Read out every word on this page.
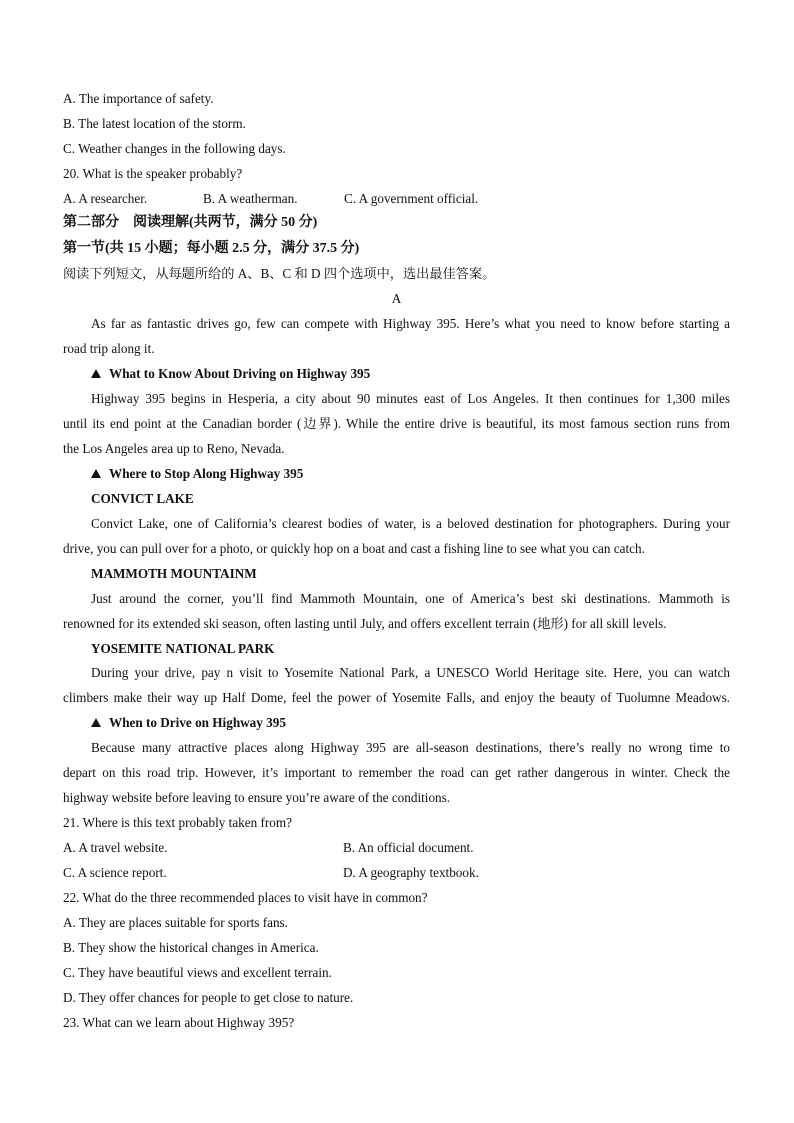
A. The importance of safety.
B. The latest location of the storm.
C. Weather changes in the following days.
20. What is the speaker probably?
A. A researcher.	B. A weatherman.	C. A government official.
第二部分　阅读理解(共两节，满分 50 分)
第一节(共 15 小题；每小题 2.5 分，满分 37.5 分)
阅读下列短文，从每题所给的 A、B、C 和 D 四个选项中，选出最佳答案。
A
As far as fantastic drives go, few can compete with Highway 395. Here’s what you need to know before starting a
road trip along it.
What to Know About Driving on Highway 395
Highway 395 begins in Hesperia, a city about 90 minutes east of Los Angeles. It then continues for 1,300 miles
until its end point at the Canadian border (边界). While the entire drive is beautiful, its most famous section runs from
the Los Angeles area up to Reno, Nevada.
Where to Stop Along Highway 395
CONVICT LAKE
Convict Lake, one of California’s clearest bodies of water, is a beloved destination for photographers. During your
drive, you can pull over for a photo, or quickly hop on a boat and cast a fishing line to see what you can catch.
MAMMOTH MOUNTAINM
Just around the corner, you’ll find Mammoth Mountain, one of America’s best ski destinations. Mammoth is
renowned for its extended ski season, often lasting until July, and offers excellent terrain (地形) for all skill levels.
YOSEMITE NATIONAL PARK
During your drive, pay n visit to Yosemite National Park, a UNESCO World Heritage site. Here, you can watch
climbers make their way up Half Dome, feel the power of Yosemite Falls, and enjoy the beauty of Tuolumne Meadows.
When to Drive on Highway 395
Because many attractive places along Highway 395 are all-season destinations, there’s really no wrong time to
depart on this road trip. However, it’s important to remember the road can get rather dangerous in winter. Check the
highway website before leaving to ensure you’re aware of the conditions.
21. Where is this text probably taken from?
A. A travel website.	B. An official document.
C. A science report.	D. A geography textbook.
22. What do the three recommended places to visit have in common?
A. They are places suitable for sports fans.
B. They show the historical changes in America.
C. They have beautiful views and excellent terrain.
D. They offer chances for people to get close to nature.
23. What can we learn about Highway 395?
